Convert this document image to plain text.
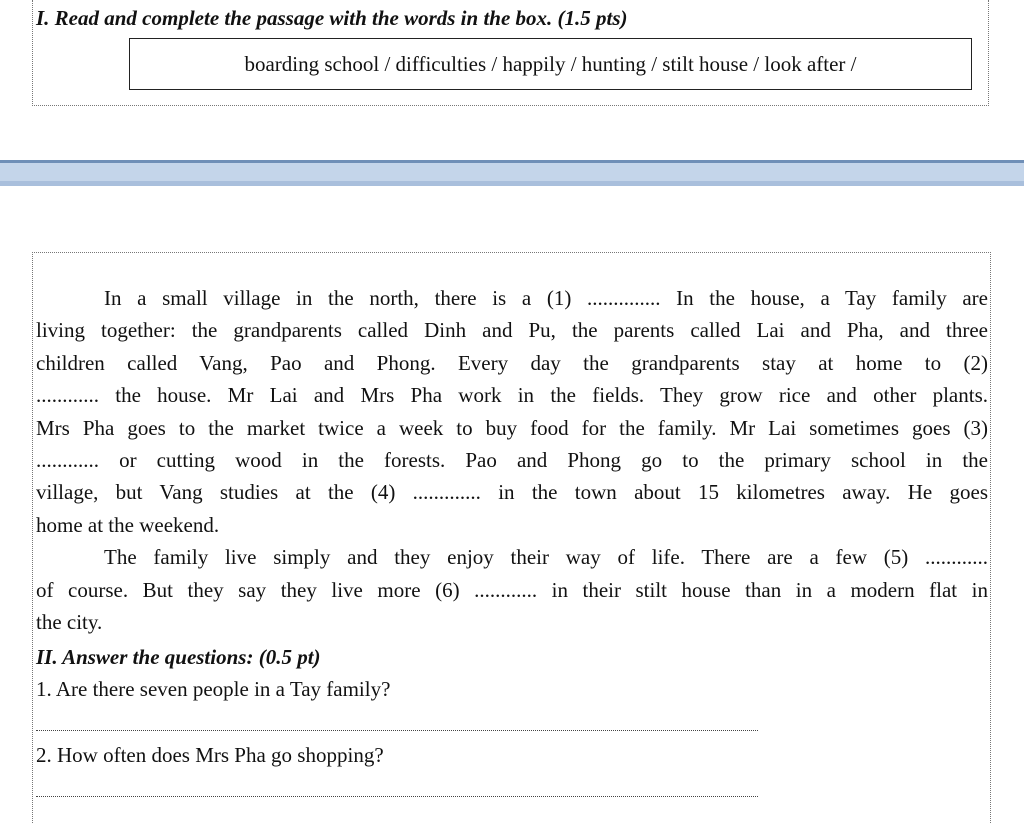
I. Read and complete the passage with the words in the box. (1.5 pts)
boarding school / difficulties / happily / hunting / stilt house / look after /

In a small village in the north, there is a (1) .............. In the house, a Tay family are

living together: the grandparents called Dinh and Pu, the parents called Lai and Pha, and three

children called Vang, Pao and Phong. Every day the grandparents stay at home to (2)

............ the house. Mr Lai and Mrs Pha work in the fields. They grow rice and other plants.

Mrs Pha goes to the market twice a week to buy food for the family. Mr Lai sometimes goes (3)

............ or cutting wood in the forests. Pao and Phong go to the primary school in the

village, but Vang studies at the (4) ............. in the town about 15 kilometres away. He goes

home at the weekend.

The family live simply and they enjoy their way of life. There are a few (5) ............

of course. But they say they live more (6) ............ in their stilt house than in a modern flat in

the city.

II. Answer the questions: (0.5 pt)
1. Are there seven people in a Tay family?
2. How often does Mrs Pha go shopping?
